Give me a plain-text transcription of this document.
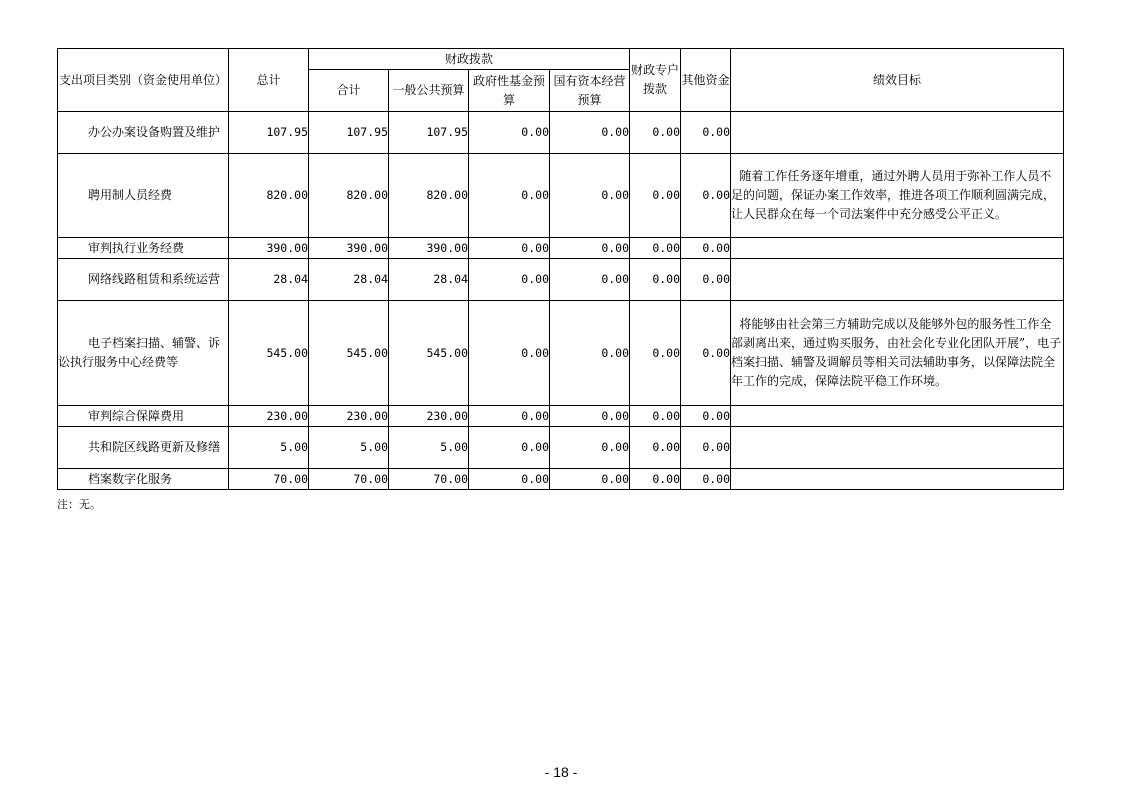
支出项目类别（资金使用单位）	总计	财政拨款				财政专户拨款	其他资金	绩效目标
		合计	一般公共预算	政府性基金预算	国有资本经营预算			
办公办案设备购置及维护	107.95	107.95	107.95	0.00	0.00	0.00	0.00	
聘用制人员经费	820.00	820.00	820.00	0.00	0.00	0.00	0.00	随着工作任务逐年增重，通过外聘人员用于弥补工作人员不足的问题，保证办案工作效率，推进各项工作顺利圆满完成，让人民群众在每一个司法案件中充分感受公平正义。
审判执行业务经费	390.00	390.00	390.00	0.00	0.00	0.00	0.00	
网络线路租赁和系统运营	28.04	28.04	28.04	0.00	0.00	0.00	0.00	
电子档案扫描、辅警、诉讼执行服务中心经费等	545.00	545.00	545.00	0.00	0.00	0.00	0.00	将能够由社会第三方辅助完成以及能够外包的服务性工作全部剥离出来，通过购买服务，由社会化专业化团队开展”，电子档案扫描、辅警及调解员等相关司法辅助事务，以保障法院全年工作的完成，保障法院平稳工作环境。
审判综合保障费用	230.00	230.00	230.00	0.00	0.00	0.00	0.00	
共和院区线路更新及修缮	5.00	5.00	5.00	0.00	0.00	0.00	0.00	
档案数字化服务	70.00	70.00	70.00	0.00	0.00	0.00	0.00	
注：无。
- 18 -
